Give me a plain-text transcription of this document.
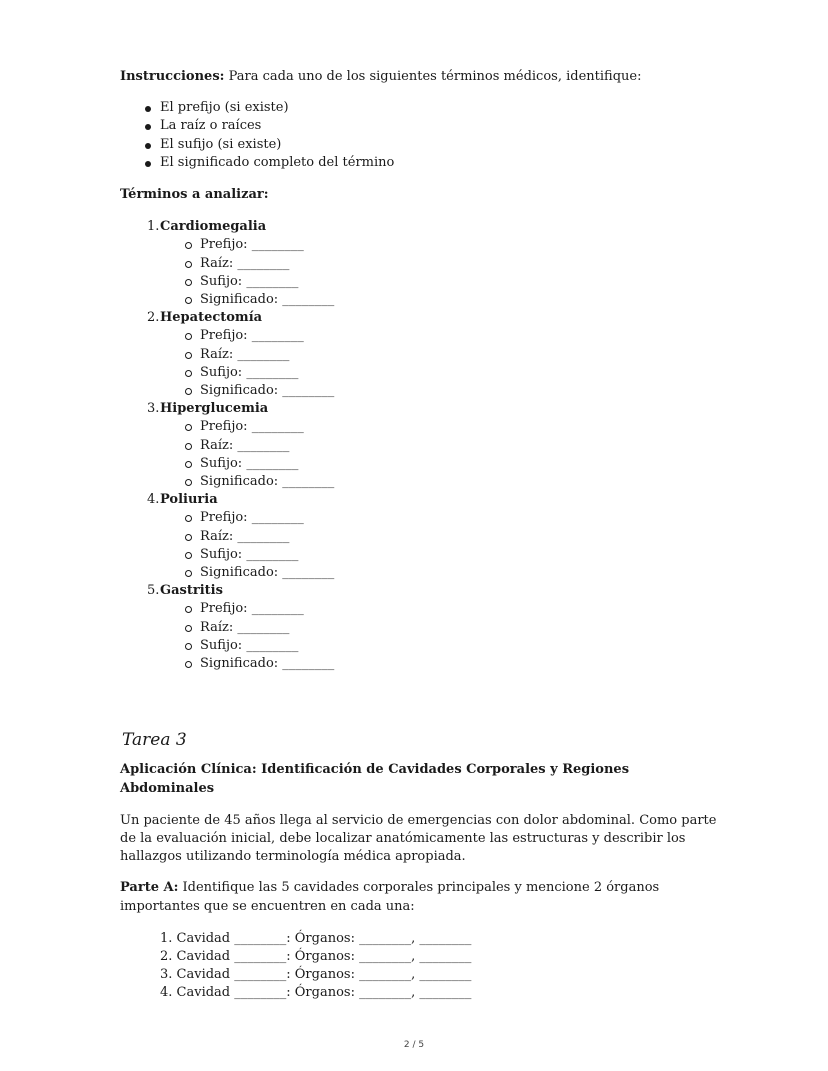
Instrucciones: Para cada uno de los siguientes términos médicos, identifique:

El prefijo (si existe)
La raíz o raíces
El sufijo (si existe)
El significado completo del término

Términos a analizar:

1. Cardiomegalia
Prefijo: ________
Raíz: ________
Sufijo: ________
Significado: ________
2. Hepatectomía
Prefijo: ________
Raíz: ________
Sufijo: ________
Significado: ________
3. Hiperglucemia
Prefijo: ________
Raíz: ________
Sufijo: ________
Significado: ________
4. Poliuria
Prefijo: ________
Raíz: ________
Sufijo: ________
Significado: ________
5. Gastritis
Prefijo: ________
Raíz: ________
Sufijo: ________
Significado: ________

Tarea 3

Aplicación Clínica: Identificación de Cavidades Corporales y Regiones Abdominales

Un paciente de 45 años llega al servicio de emergencias con dolor abdominal. Como parte de la evaluación inicial, debe localizar anatómicamente las estructuras y describir los hallazgos utilizando terminología médica apropiada.

Parte A: Identifique las 5 cavidades corporales principales y mencione 2 órganos importantes que se encuentren en cada una:

1. Cavidad ________: Órganos: ________, ________
2. Cavidad ________: Órganos: ________, ________
3. Cavidad ________: Órganos: ________, ________
4. Cavidad ________: Órganos: ________, ________
2 / 5
